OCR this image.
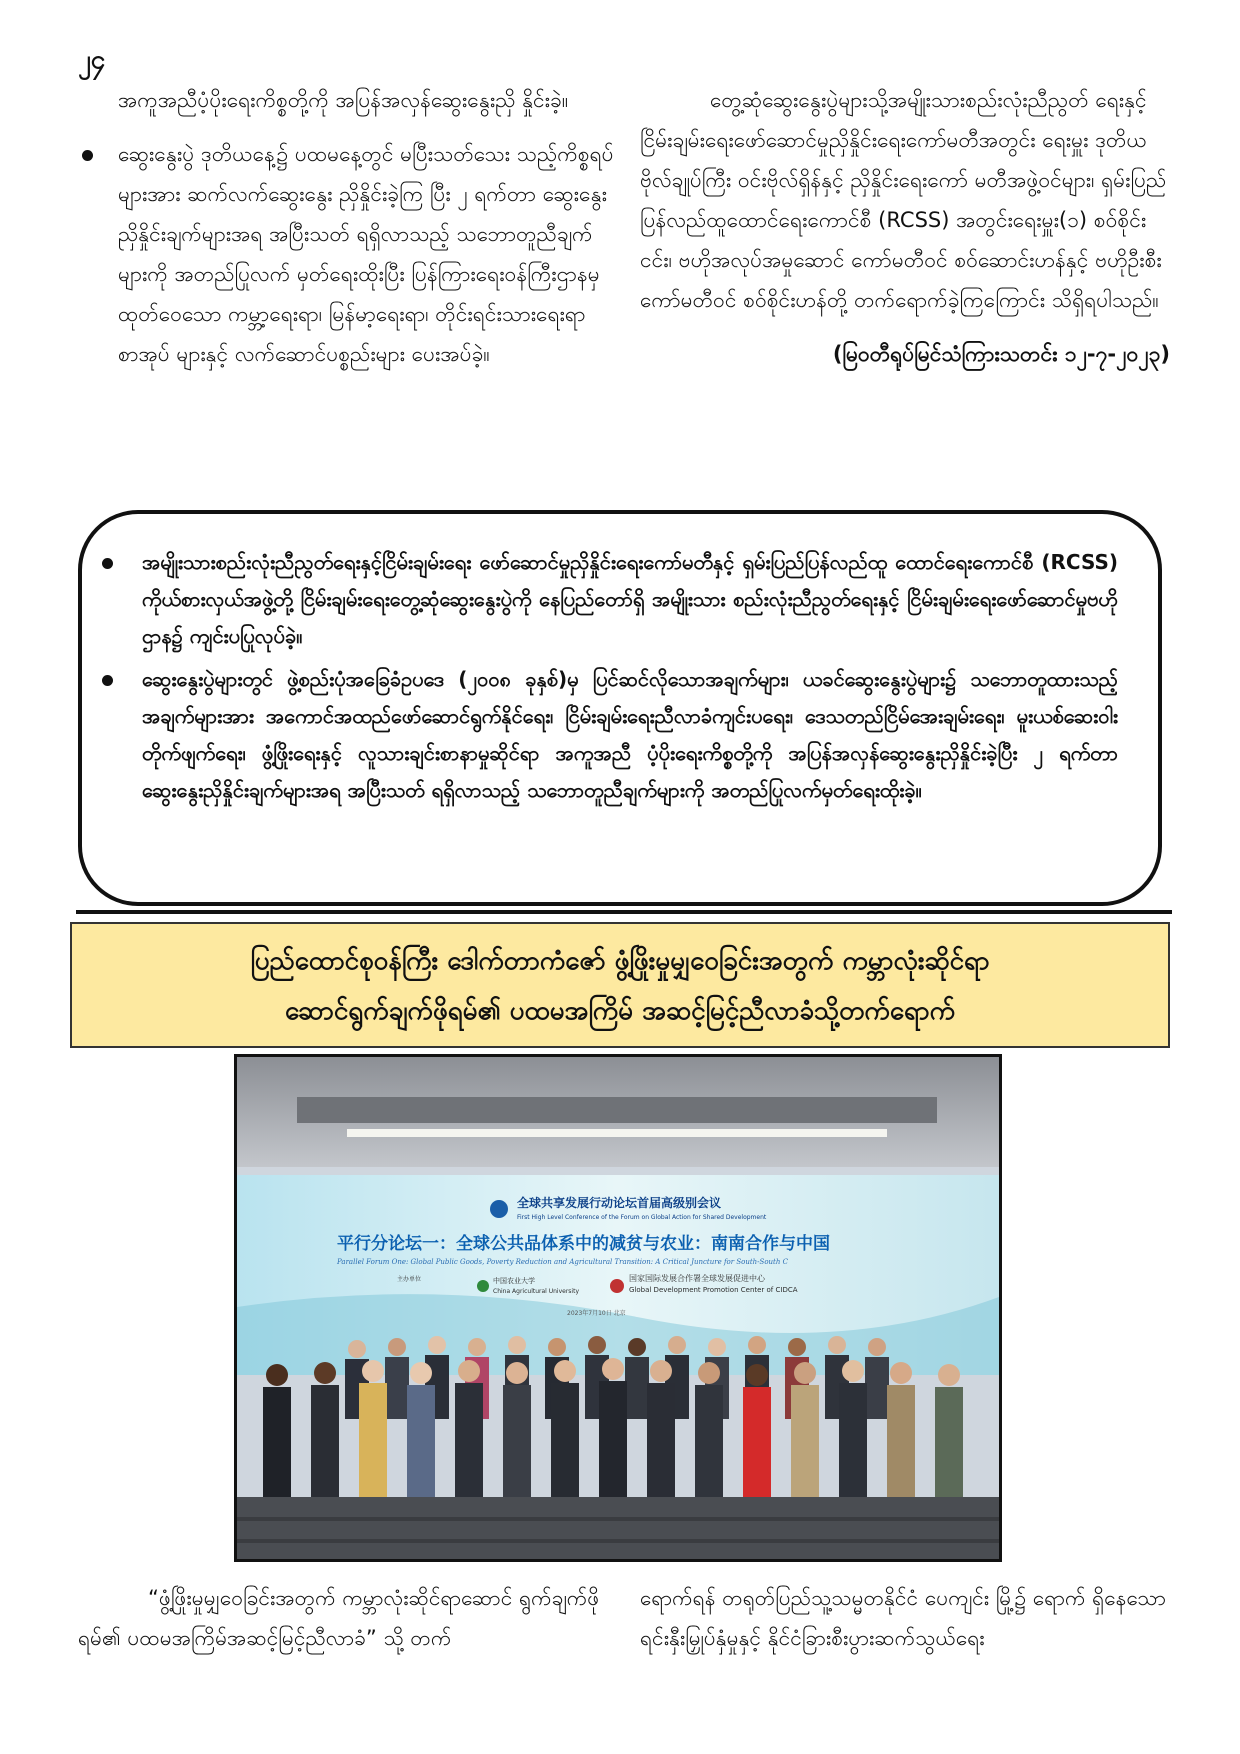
၂၄

အကူအညီပံ့ပိုးရေးကိစ္စတို့ကို အပြန်အလှန်ဆွေးနွေးညှိ နှိုင်းခဲ့။

ဆွေးနွေးပွဲ ဒုတိယနေ့၌ ပထမနေ့တွင် မပြီးသတ်သေး သည့်ကိစ္စရပ်များအား ဆက်လက်ဆွေးနွေး ညှိနှိုင်းခဲ့ကြ ပြီး ၂ ရက်တာ ဆွေးနွေးညှိနှိုင်းချက်များအရ အပြီးသတ် ရရှိလာသည့် သဘောတူညီချက်များကို အတည်ပြုလက် မှတ်ရေးထိုးပြီး ပြန်ကြားရေးဝန်ကြီးဌာနမှ ထုတ်ဝေသော ကမ္ဘာ့ရေးရာ၊ မြန်မာ့ရေးရာ၊ တိုင်းရင်းသားရေးရာ စာအုပ် များနှင့် လက်ဆောင်ပစ္စည်းများ ပေးအပ်ခဲ့။

တွေ့ဆုံဆွေးနွေးပွဲများသို့အမျိုးသားစည်းလုံးညီညွတ် ရေးနှင့် ငြိမ်းချမ်းရေးဖော်ဆောင်မှုညှိနှိုင်းရေးကော်မတီအတွင်း ရေးမှူး ဒုတိယဗိုလ်ချုပ်ကြီး ဝင်းဗိုလ်ရှိန်နှင့် ညှိနှိုင်းရေးကော် မတီအဖွဲ့ဝင်များ၊ ရှမ်းပြည်ပြန်လည်ထူထောင်ရေးကောင်စီ (RCSS) အတွင်းရေးမှူး(၁) စဝ်စိုင်းငင်း၊ ဗဟိုအလုပ်အမှုဆောင် ကော်မတီဝင် စဝ်ဆောင်းဟန်နှင့် ဗဟိုဦးစီးကော်မတီဝင် စဝ်စိုင်းဟန်တို့ တက်ရောက်ခဲ့ကြကြောင်း သိရှိရပါသည်။

(မြဝတီရုပ်မြင်သံကြားသတင်း ၁၂-၇-၂၀၂၃)

အမျိုးသားစည်းလုံးညီညွတ်ရေးနှင့်ငြိမ်းချမ်းရေး ဖော်ဆောင်မှုညှိနှိုင်းရေးကော်မတီနှင့် ရှမ်းပြည်ပြန်လည်ထူ ထောင်ရေးကောင်စီ (RCSS) ကိုယ်စားလှယ်အဖွဲ့တို့ ငြိမ်းချမ်းရေးတွေ့ဆုံဆွေးနွေးပွဲကို နေပြည်တော်ရှိ အမျိုးသား စည်းလုံးညီညွတ်ရေးနှင့် ငြိမ်းချမ်းရေးဖော်ဆောင်မှုဗဟိုဌာန၌ ကျင်းပပြုလုပ်ခဲ့။

ဆွေးနွေးပွဲများတွင် ဖွဲ့စည်းပုံအခြေခံဥပဒေ (၂၀၀၈ ခုနှစ်)မှ ပြင်ဆင်လိုသောအချက်များ၊ ယခင်ဆွေးနွေးပွဲများ၌ သဘောတူထားသည့်အချက်များအား အကောင်အထည်ဖော်ဆောင်ရွက်နိုင်ရေး၊ ငြိမ်းချမ်းရေးညီလာခံကျင်းပရေး၊ ဒေသတည်ငြိမ်အေးချမ်းရေး၊ မူးယစ်ဆေးဝါးတိုက်ဖျက်ရေး၊ ဖွံ့ဖြိုးရေးနှင့် လူသားချင်းစာနာမှုဆိုင်ရာ အကူအညီ ပံ့ပိုးရေးကိစ္စတို့ကို အပြန်အလှန်ဆွေးနွေးညှိနှိုင်းခဲ့ပြီး ၂ ရက်တာ ဆွေးနွေးညှိနှိုင်းချက်များအရ အပြီးသတ် ရရှိလာသည့် သဘောတူညီချက်များကို အတည်ပြုလက်မှတ်ရေးထိုးခဲ့။

ပြည်ထောင်စုဝန်ကြီး ဒေါက်တာကံဇော် ဖွံ့ဖြိုးမှုမျှဝေခြင်းအတွက် ကမ္ဘာလုံးဆိုင်ရာ
ဆောင်ရွက်ချက်ဖိုရမ်၏ ပထမအကြိမ် အဆင့်မြင့်ညီလာခံသို့တက်ရောက်
全球共享发展行动论坛首届高级别会议
First High Level Conference of the Forum on Global Action for Shared Development
平行分论坛一：全球公共品体系中的减贫与农业：南南合作与中国
Parallel Forum One: Global Public Goods, Poverty Reduction and Agricultural Transition: A Critical Juncture for South-South C
主办单位	中国农业大学
China Agricultural University
国家国际发展合作署全球发展促进中心
Global Development Promotion Center of CIDCA
2023年7月10日 北京

“ဖွံ့ဖြိုးမှုမျှဝေခြင်းအတွက် ကမ္ဘာလုံးဆိုင်ရာဆောင် ရွက်ချက်ဖိုရမ်၏ ပထမအကြိမ်အဆင့်မြင့်ညီလာခံ” သို့ တက်

ရောက်ရန် တရုတ်ပြည်သူ့သမ္မတနိုင်ငံ ပေကျင်း မြို့၌ ရောက် ရှိနေသော ရင်းနှီးမြှုပ်နှံမှုနှင့် နိုင်ငံခြားစီးပွားဆက်သွယ်ရေး
